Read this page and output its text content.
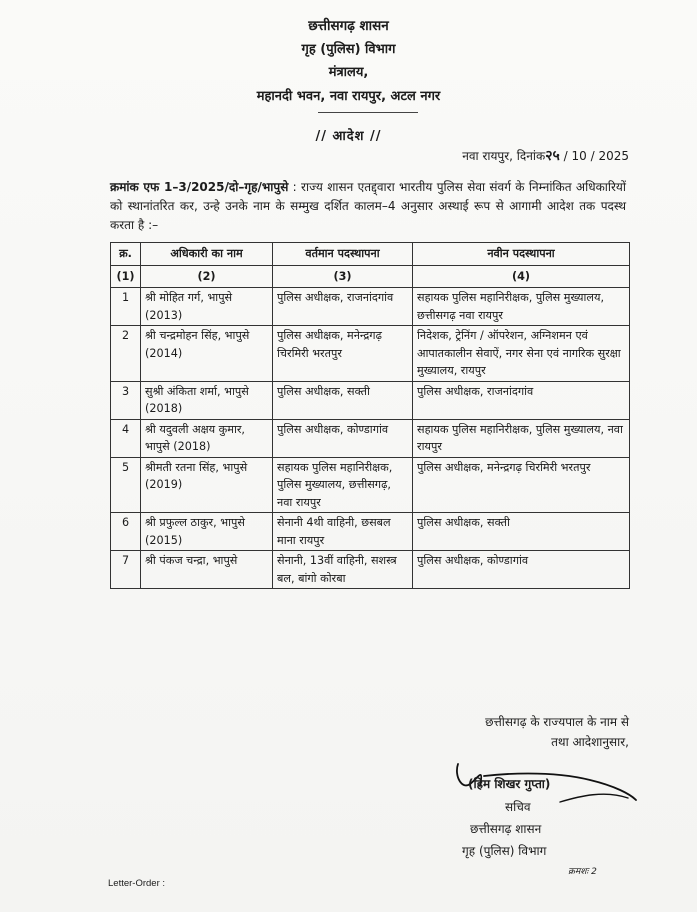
छत्तीसगढ़ शासन
गृह (पुलिस) विभाग
मंत्रालय,
महानदी भवन, नवा रायपुर, अटल नगर
// आदेश //
नवा रायपुर, दिनांक२५ / 10 / 2025
क्रमांक एफ 1–3/2025/दो–गृह/भापुसे : राज्य शासन एतद्द्वारा भारतीय पुलिस सेवा संवर्ग के निम्नांकित अधिकारियों को स्थानांतरित कर, उन्हे उनके नाम के सम्मुख दर्शित कालम–4 अनुसार अस्थाई रूप से आगामी आदेश तक पदस्थ करता है :–
क्र.	अधिकारी का नाम	वर्तमान पदस्थापना	नवीन पदस्थापना
(1)	(2)	(3)	(4)
1	श्री मोहित गर्ग, भापुसे (2013)	पुलिस अधीक्षक, राजनांदगांव	सहायक पुलिस महानिरीक्षक, पुलिस मुख्यालय, छत्तीसगढ़ नवा रायपुर
2	श्री चन्द्रमोहन सिंह, भापुसे (2014)	पुलिस अधीक्षक, मनेन्द्रगढ़ चिरमिरी भरतपुर	निदेशक, ट्रेनिंग / ऑपरेशन, अग्निशमन एवं आपातकालीन सेवाऐं, नगर सेना एवं नागरिक सुरक्षा मुख्यालय, रायपुर
3	सुश्री अंकिता शर्मा, भापुसे (2018)	पुलिस अधीक्षक, सक्ती	पुलिस अधीक्षक, राजनांदगांव
4	श्री यदुवली अक्षय कुमार, भापुसे (2018)	पुलिस अधीक्षक, कोण्डागांव	सहायक पुलिस महानिरीक्षक, पुलिस मुख्यालय, नवा रायपुर
5	श्रीमती रतना सिंह, भापुसे (2019)	सहायक पुलिस महानिरीक्षक, पुलिस मुख्यालय, छत्तीसगढ़, नवा रायपुर	पुलिस अधीक्षक, मनेन्द्रगढ़ चिरमिरी भरतपुर
6	श्री प्रफुल्ल ठाकुर, भापुसे (2015)	सेनानी 4थी वाहिनी, छसबल माना रायपुर	पुलिस अधीक्षक, सक्ती
7	श्री पंकज चन्द्रा, भापुसे	सेनानी, 13वीं वाहिनी, सशस्त्र बल, बांगो कोरबा	पुलिस अधीक्षक, कोण्डागांव
छत्तीसगढ़ के राज्यपाल के नाम से
तथा आदेशानुसार,
(हिम शिखर गुप्ता)
सचिव
छत्तीसगढ़ शासन
गृह (पुलिस) विभाग
क्रमशः 2
Letter-Order :
